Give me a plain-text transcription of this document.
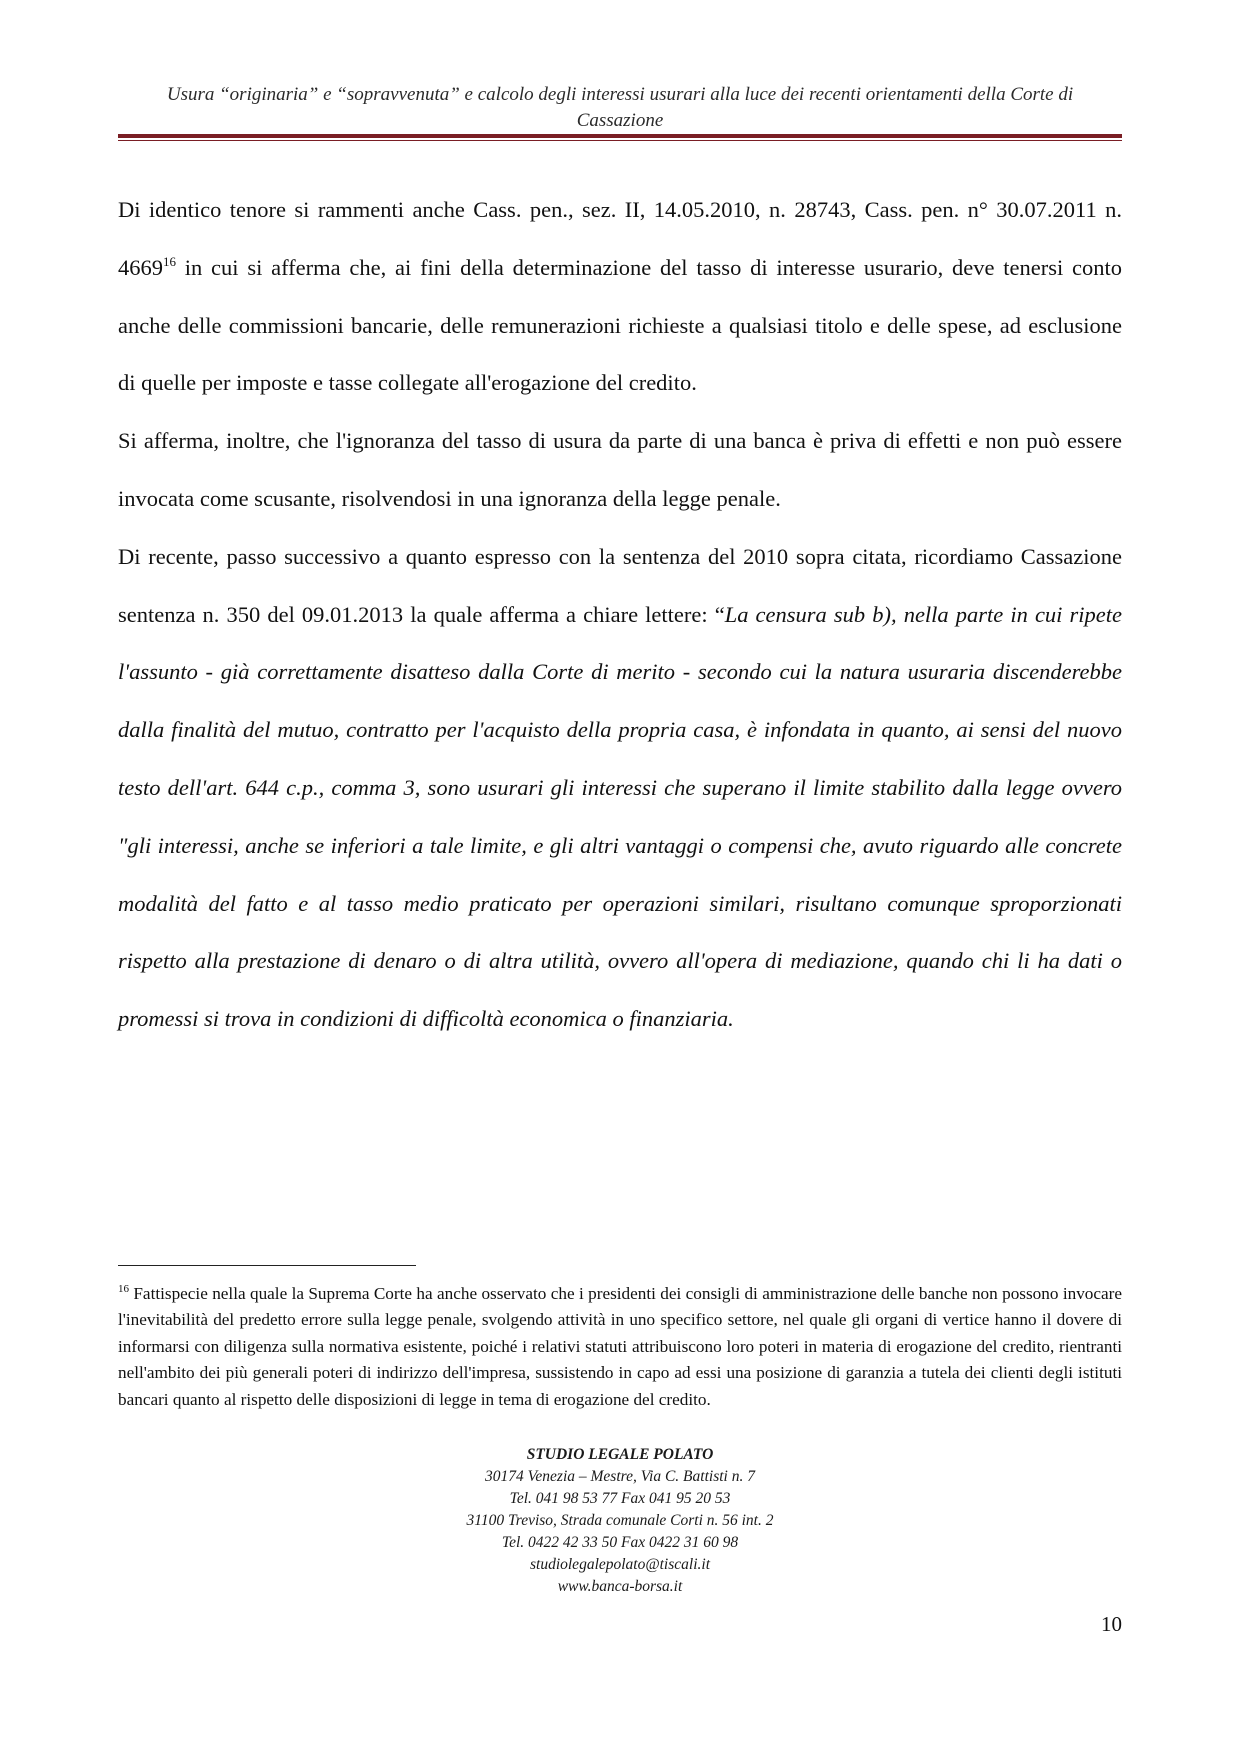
Usura “originaria” e “sopravvenuta” e calcolo degli interessi usurari alla luce dei recenti orientamenti della Corte di
Cassazione

Di identico tenore si rammenti anche Cass. pen., sez. II, 14.05.2010, n. 28743, Cass. pen. n° 30.07.2011 n. 4669$^{16}$ in cui si afferma che, ai fini della determinazione del tasso di interesse usurario, deve tenersi conto anche delle commissioni bancarie, delle remunerazioni richieste a qualsiasi titolo e delle spese, ad esclusione di quelle per imposte e tasse collegate all'erogazione del credito.

Si afferma, inoltre, che l'ignoranza del tasso di usura da parte di una banca è priva di effetti e non può essere invocata come scusante, risolvendosi in una ignoranza della legge penale.

Di recente, passo successivo a quanto espresso con la sentenza del 2010 sopra citata, ricordiamo Cassazione sentenza n. 350 del 09.01.2013 la quale afferma a chiare lettere: “La censura sub b), nella parte in cui ripete l'assunto - già correttamente disatteso dalla Corte di merito - secondo cui la natura usuraria discenderebbe dalla finalità del mutuo, contratto per l'acquisto della propria casa, è infondata in quanto, ai sensi del nuovo testo dell'art. 644 c.p., comma 3, sono usurari gli interessi che superano il limite stabilito dalla legge ovvero "gli interessi, anche se inferiori a tale limite, e gli altri vantaggi o compensi che, avuto riguardo alle concrete modalità del fatto e al tasso medio praticato per operazioni similari, risultano comunque sproporzionati rispetto alla prestazione di denaro o di altra utilità, ovvero all'opera di mediazione, quando chi li ha dati o promessi si trova in condizioni di difficoltà economica o finanziaria.

$^{16}$ Fattispecie nella quale la Suprema Corte ha anche osservato che i presidenti dei consigli di amministrazione delle banche non possono invocare l'inevitabilità del predetto errore sulla legge penale, svolgendo attività in uno specifico settore, nel quale gli organi di vertice hanno il dovere di informarsi con diligenza sulla normativa esistente, poiché i relativi statuti attribuiscono loro poteri in materia di erogazione del credito, rientranti nell'ambito dei più generali poteri di indirizzo dell'impresa, sussistendo in capo ad essi una posizione di garanzia a tutela dei clienti degli istituti bancari quanto al rispetto delle disposizioni di legge in tema di erogazione del credito.

STUDIO LEGALE POLATO
30174 Venezia – Mestre, Via C. Battisti n. 7
Tel. 041 98 53 77 Fax 041 95 20 53
31100 Treviso, Strada comunale Corti n. 56 int. 2
Tel. 0422 42 33 50 Fax 0422 31 60 98
studiolegalepolato@tiscali.it
www.banca-borsa.it
10
